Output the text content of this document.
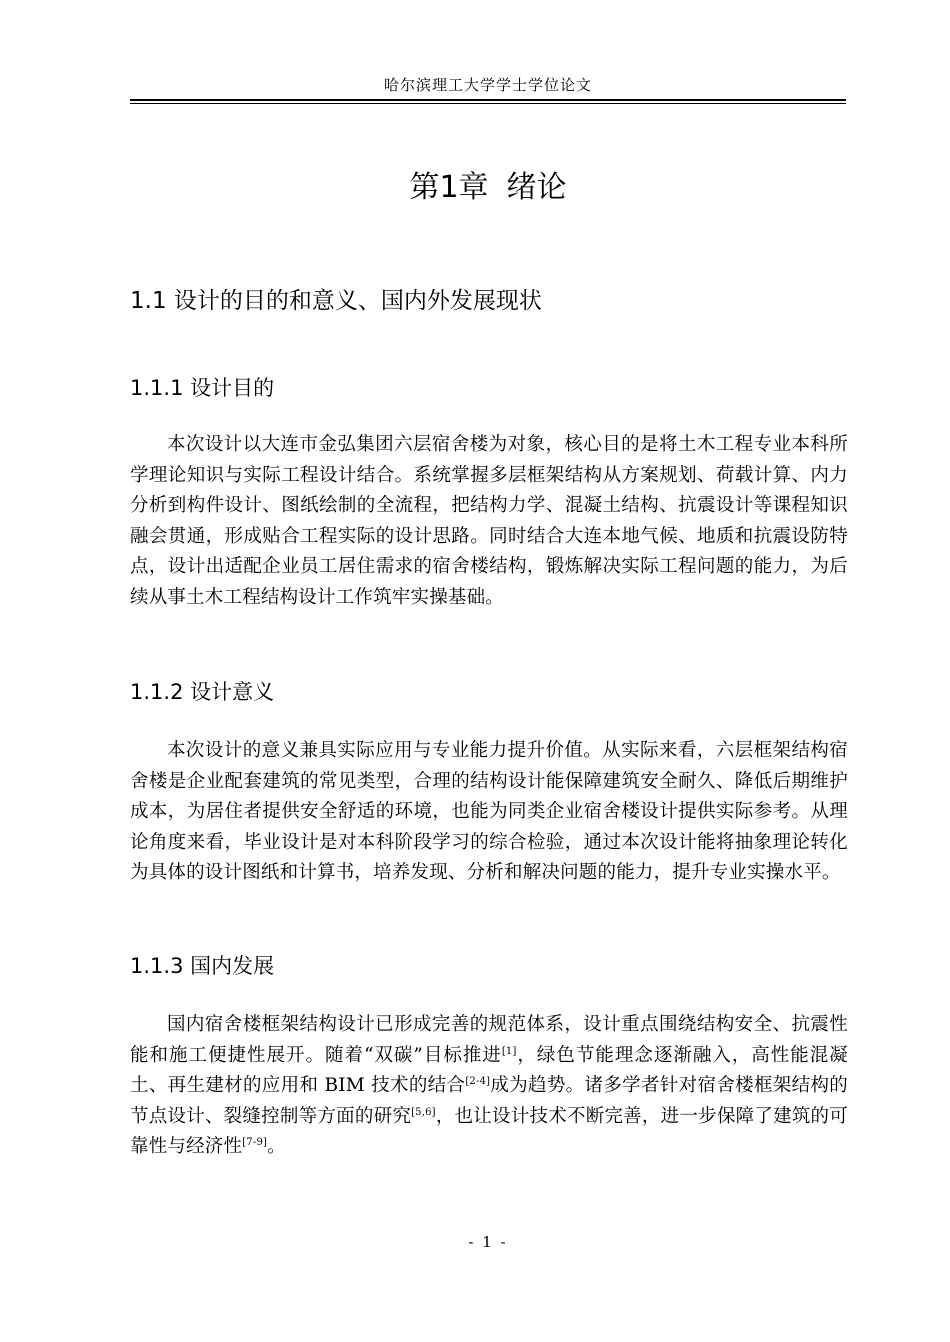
哈尔滨理工大学学士学位论文
第1章 绪论
1.1 设计的目的和意义、国内外发展现状
1.1.1 设计目的
本次设计以大连市金弘集团六层宿舍楼为对象，核心目的是将土木工程专业本科所学理论知识与实际工程设计结合。系统掌握多层框架结构从方案规划、荷载计算、内力分析到构件设计、图纸绘制的全流程，把结构力学、混凝土结构、抗震设计等课程知识融会贯通，形成贴合工程实际的设计思路。同时结合大连本地气候、地质和抗震设防特点，设计出适配企业员工居住需求的宿舍楼结构，锻炼解决实际工程问题的能力，为后续从事土木工程结构设计工作筑牢实操基础。
1.1.2 设计意义
本次设计的意义兼具实际应用与专业能力提升价值。从实际来看，六层框架结构宿舍楼是企业配套建筑的常见类型，合理的结构设计能保障建筑安全耐久、降低后期维护成本，为居住者提供安全舒适的环境，也能为同类企业宿舍楼设计提供实际参考。从理论角度来看，毕业设计是对本科阶段学习的综合检验，通过本次设计能将抽象理论转化为具体的设计图纸和计算书，培养发现、分析和解决问题的能力，提升专业实操水平。
1.1.3 国内发展
国内宿舍楼框架结构设计已形成完善的规范体系，设计重点围绕结构安全、抗震性能和施工便捷性展开。随着“双碳”目标推进[1]，绿色节能理念逐渐融入，高性能混凝土、再生建材的应用和 BIM 技术的结合[2-4]成为趋势。诸多学者针对宿舍楼框架结构的节点设计、裂缝控制等方面的研究[5,6]，也让设计技术不断完善，进一步保障了建筑的可靠性与经济性[7-9]。
- 1 -
